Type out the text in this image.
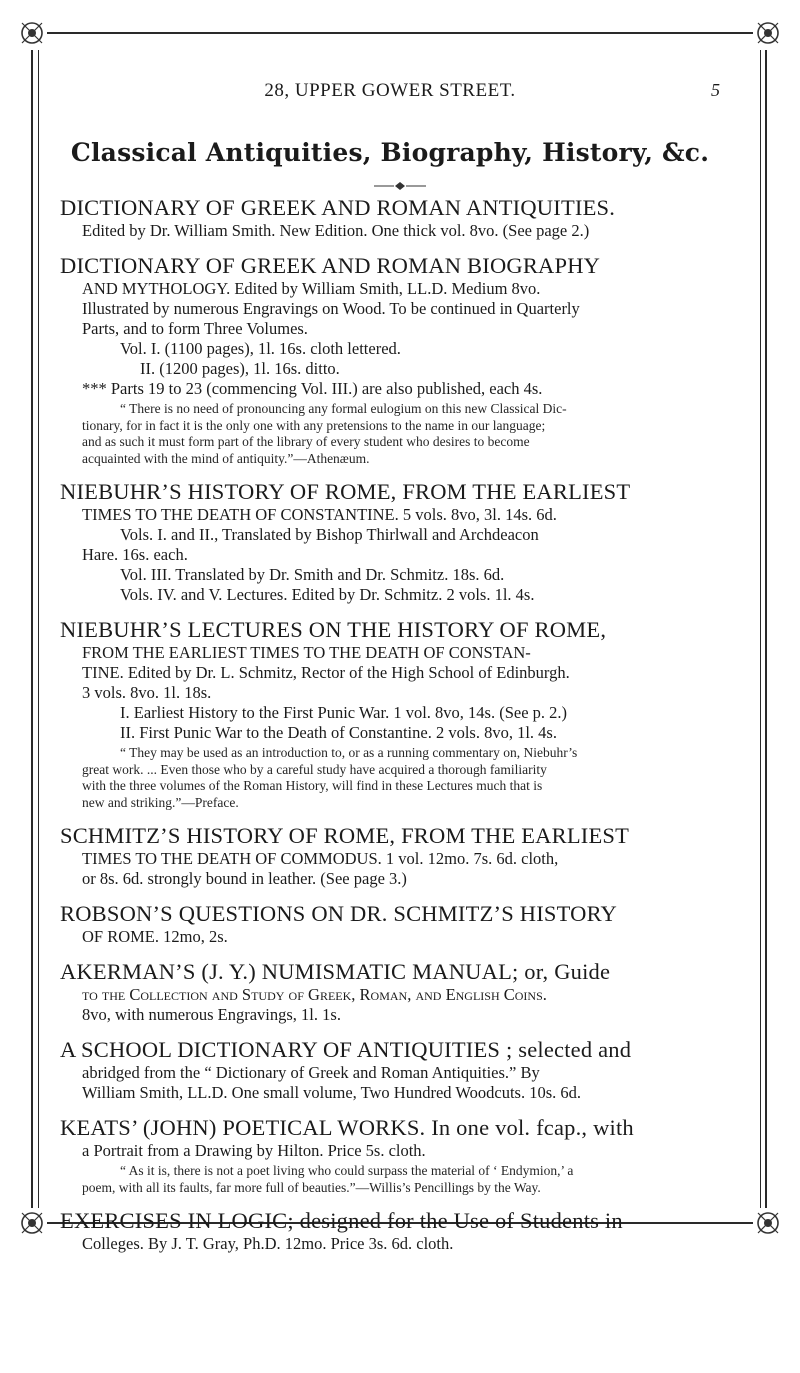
28, UPPER GOWER STREET.	5
Classical Antiquities, Biography, History, &c.

DICTIONARY OF GREEK AND ROMAN ANTIQUITIES.

Edited by Dr. William Smith. New Edition. One thick vol. 8vo. (See page 2.)

DICTIONARY OF GREEK AND ROMAN BIOGRAPHY

AND MYTHOLOGY. Edited by William Smith, LL.D. Medium 8vo.

Illustrated by numerous Engravings on Wood. To be continued in Quarterly

Parts, and to form Three Volumes.

Vol. I. (1100 pages), 1l. 16s. cloth lettered.

II. (1200 pages), 1l. 16s. ditto.

*** Parts 19 to 23 (commencing Vol. III.) are also published, each 4s.

“ There is no need of pronouncing any formal eulogium on this new Classical Dic-
tionary, for in fact it is the only one with any pretensions to the name in our language;
and as such it must form part of the library of every student who desires to become
acquainted with the mind of antiquity.”—Athenæum.

NIEBUHR’S HISTORY OF ROME, FROM THE EARLIEST

TIMES TO THE DEATH OF CONSTANTINE. 5 vols. 8vo, 3l. 14s. 6d.

Vols. I. and II., Translated by Bishop Thirlwall and Archdeacon

Hare. 16s. each.

Vol. III. Translated by Dr. Smith and Dr. Schmitz. 18s. 6d.

Vols. IV. and V. Lectures. Edited by Dr. Schmitz. 2 vols. 1l. 4s.

NIEBUHR’S LECTURES ON THE HISTORY OF ROME,

FROM THE EARLIEST TIMES TO THE DEATH OF CONSTAN-

TINE. Edited by Dr. L. Schmitz, Rector of the High School of Edinburgh.

3 vols. 8vo. 1l. 18s.

I. Earliest History to the First Punic War. 1 vol. 8vo, 14s. (See p. 2.)

II. First Punic War to the Death of Constantine. 2 vols. 8vo, 1l. 4s.

“ They may be used as an introduction to, or as a running commentary on, Niebuhr’s
great work. ... Even those who by a careful study have acquired a thorough familiarity
with the three volumes of the Roman History, will find in these Lectures much that is
new and striking.”—Preface.

SCHMITZ’S HISTORY OF ROME, FROM THE EARLIEST

TIMES TO THE DEATH OF COMMODUS. 1 vol. 12mo. 7s. 6d. cloth,

or 8s. 6d. strongly bound in leather. (See page 3.)

ROBSON’S QUESTIONS ON DR. SCHMITZ’S HISTORY

OF ROME. 12mo, 2s.

AKERMAN’S (J. Y.) NUMISMATIC MANUAL; or, Guide

to the Collection and Study of Greek, Roman, and English Coins.

8vo, with numerous Engravings, 1l. 1s.

A SCHOOL DICTIONARY OF ANTIQUITIES ; selected and

abridged from the “ Dictionary of Greek and Roman Antiquities.” By

William Smith, LL.D. One small volume, Two Hundred Woodcuts. 10s. 6d.

KEATS’ (JOHN) POETICAL WORKS. In one vol. fcap., with

a Portrait from a Drawing by Hilton. Price 5s. cloth.

“ As it is, there is not a poet living who could surpass the material of ‘ Endymion,’ a
poem, with all its faults, far more full of beauties.”—Willis’s Pencillings by the Way.

EXERCISES IN LOGIC; designed for the Use of Students in

Colleges. By J. T. Gray, Ph.D. 12mo. Price 3s. 6d. cloth.
